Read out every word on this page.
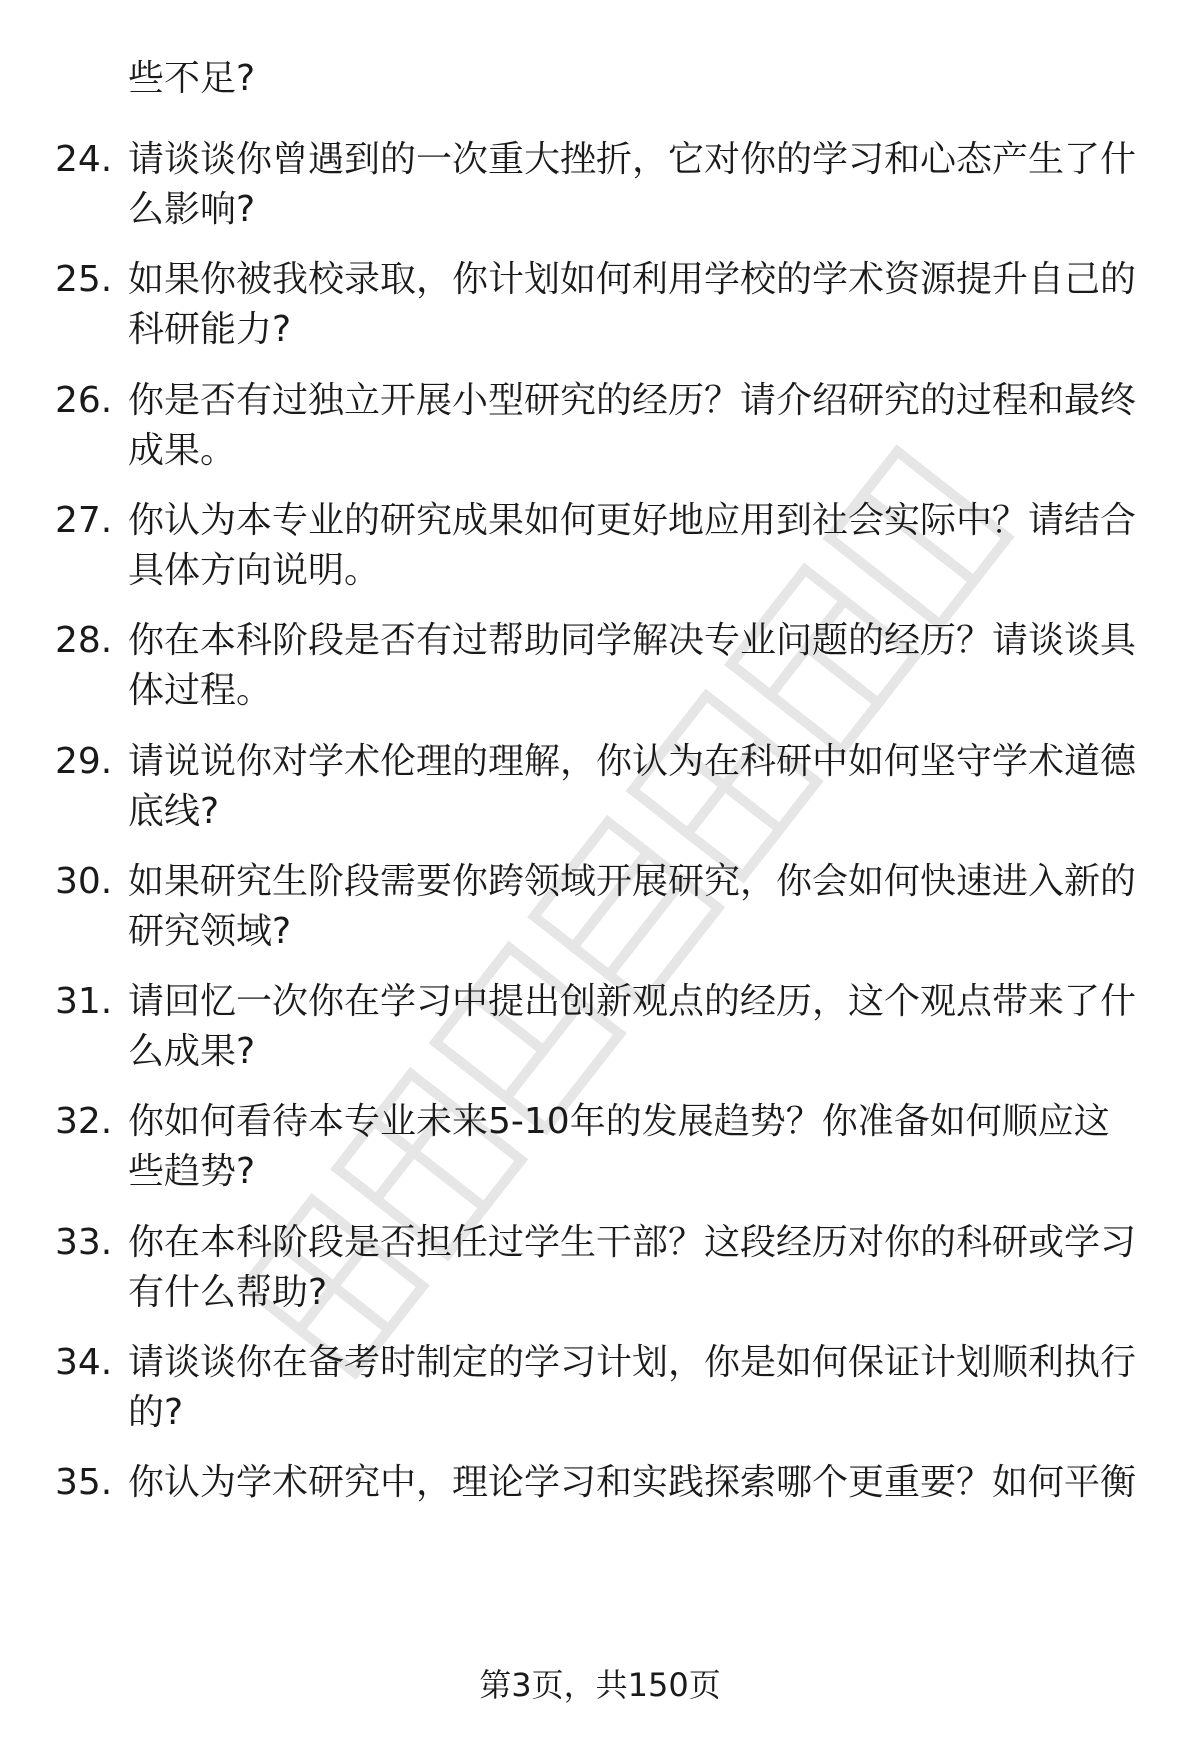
些不足?

24. 请谈谈你曾遇到的一次重大挫折，它对你的学习和心态产生了什么影响?
25. 如果你被我校录取，你计划如何利用学校的学术资源提升自己的科研能力?
26. 你是否有过独立开展小型研究的经历？请介绍研究的过程和最终成果。
27. 你认为本专业的研究成果如何更好地应用到社会实际中？请结合具体方向说明。
28. 你在本科阶段是否有过帮助同学解决专业问题的经历？请谈谈具体过程。
29. 请说说你对学术伦理的理解，你认为在科研中如何坚守学术道德底线?
30. 如果研究生阶段需要你跨领域开展研究，你会如何快速进入新的研究领域?
31. 请回忆一次你在学习中提出创新观点的经历，这个观点带来了什么成果?
32. 你如何看待本专业未来5-10年的发展趋势？你准备如何顺应这些趋势?
33. 你在本科阶段是否担任过学生干部？这段经历对你的科研或学习有什么帮助?
34. 请谈谈你在备考时制定的学习计划，你是如何保证计划顺利执行的?
35. 你认为学术研究中，理论学习和实践探索哪个更重要？如何平衡
第3页，共150页
